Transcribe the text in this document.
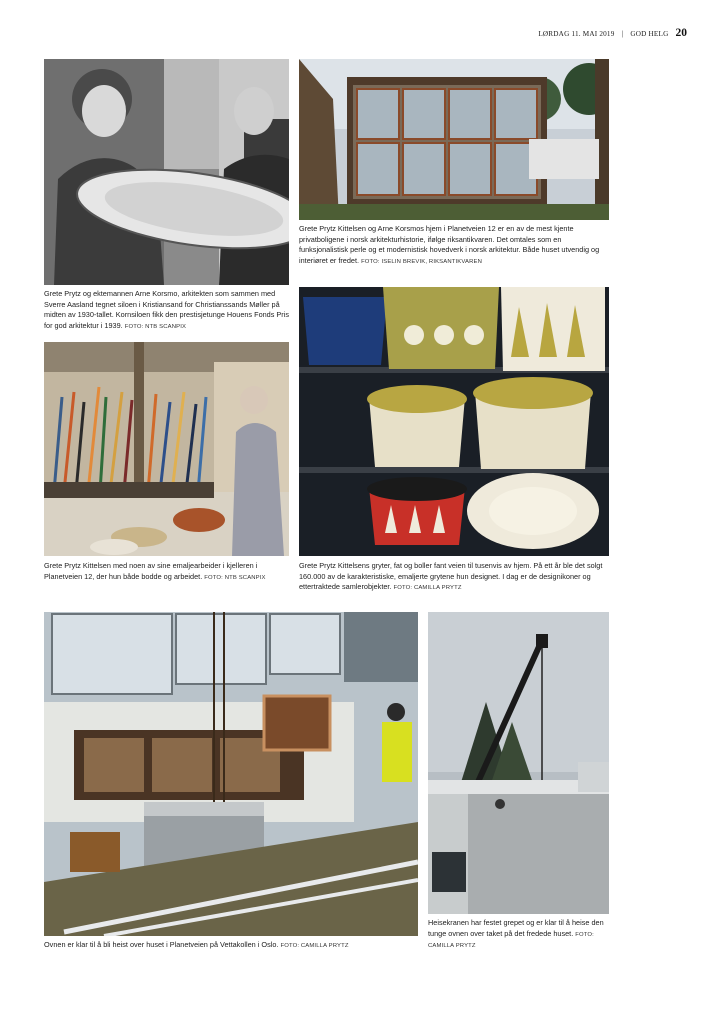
LØRDAG 11. MAI 2019 | GOD HELG 20
Grete Prytz og ektemannen Arne Korsmo, arkitekten som sammen med Sverre Aasland tegnet siloen i Kristiansand for Christianssands Møller på midten av 1930-tallet. Kornsiloen fikk den prestisjetunge Houens Fonds Pris for god arkitektur i 1939. FOTO: NTB SCANPIX
Grete Prytz Kittelsen og Arne Korsmos hjem i Planetveien 12 er en av de mest kjente privatboligene i norsk arkitekturhistorie, ifølge riksantikvaren. Det omtales som en funksjonalistisk perle og et modernistisk hovedverk i norsk arkitektur. Både huset utvendig og interiøret er fredet. FOTO: ISELIN BREVIK, RIKSANTIKVAREN
Grete Prytz Kittelsen med noen av sine emaljearbeider i kjelleren i Planetveien 12, der hun både bodde og arbeidet. FOTO: NTB SCANPIX
Grete Prytz Kittelsens gryter, fat og boller fant veien til tusenvis av hjem. På ett år ble det solgt 160.000 av de karakteristiske, emaljerte grytene hun designet. I dag er de designikoner og ettertraktede samlerobjekter. FOTO: CAMILLA PRYTZ
Ovnen er klar til å bli heist over huset i Planetveien på Vettakollen i Oslo. FOTO: CAMILLA PRYTZ
Heisekranen har festet grepet og er klar til å heise den tunge ovnen over taket på det fredede huset. FOTO: CAMILLA PRYTZ
